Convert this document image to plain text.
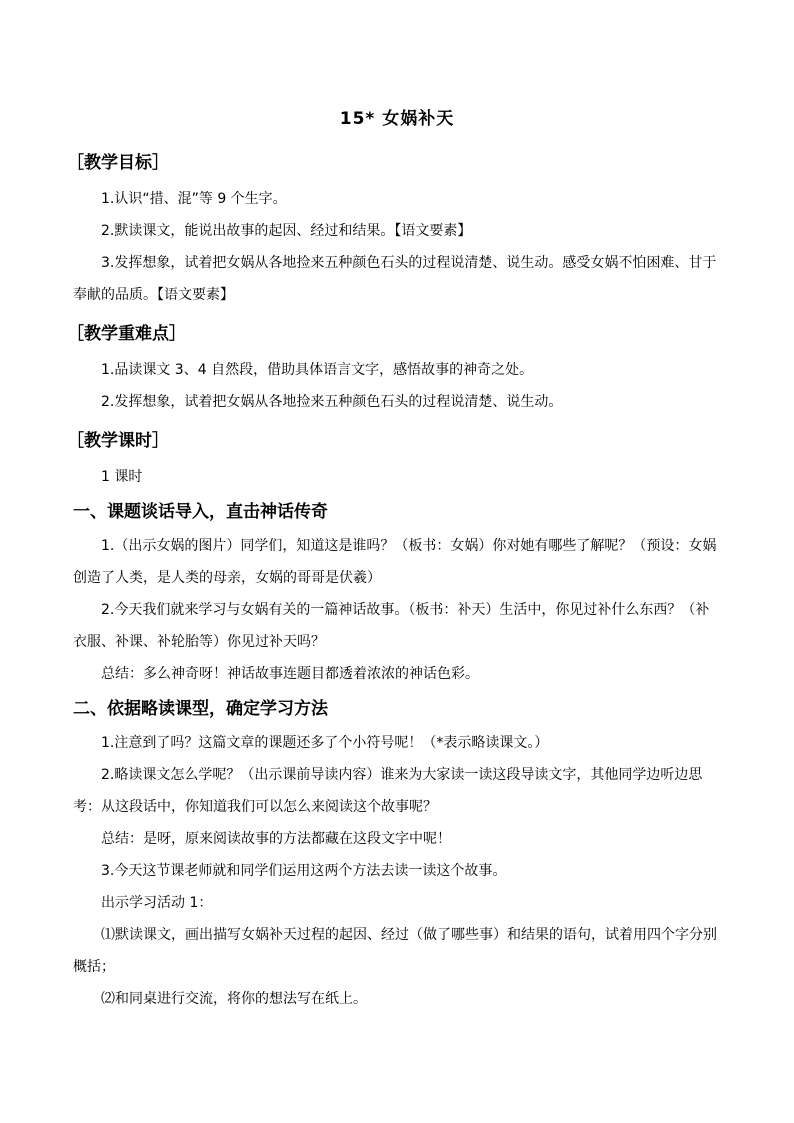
15* 女娲补天
［教学目标］

1.认识“措、混”等 9 个生字。

2.默读课文，能说出故事的起因、经过和结果。【语文要素】

3.发挥想象，试着把女娲从各地捡来五种颜色石头的过程说清楚、说生动。感受女娲不怕困难、甘于奉献的品质。【语文要素】

［教学重难点］

1.品读课文 3、4 自然段，借助具体语言文字，感悟故事的神奇之处。

2.发挥想象，试着把女娲从各地捡来五种颜色石头的过程说清楚、说生动。

［教学课时］

1 课时

一、课题谈话导入，直击神话传奇

1.（出示女娲的图片）同学们，知道这是谁吗？（板书：女娲）你对她有哪些了解呢？（预设：女娲创造了人类，是人类的母亲，女娲的哥哥是伏羲）

2.今天我们就来学习与女娲有关的一篇神话故事。（板书：补天）生活中，你见过补什么东西？（补衣服、补课、补轮胎等）你见过补天吗？

总结：多么神奇呀！神话故事连题目都透着浓浓的神话色彩。

二、依据略读课型，确定学习方法

1.注意到了吗？这篇文章的课题还多了个小符号呢！（*表示略读课文。）

2.略读课文怎么学呢？（出示课前导读内容）谁来为大家读一读这段导读文字，其他同学边听边思考：从这段话中，你知道我们可以怎么来阅读这个故事呢？

总结：是呀，原来阅读故事的方法都藏在这段文字中呢！

3.今天这节课老师就和同学们运用这两个方法去读一读这个故事。

出示学习活动 1：

⑴默读课文，画出描写女娲补天过程的起因、经过（做了哪些事）和结果的语句，试着用四个字分别概括；

⑵和同桌进行交流，将你的想法写在纸上。
